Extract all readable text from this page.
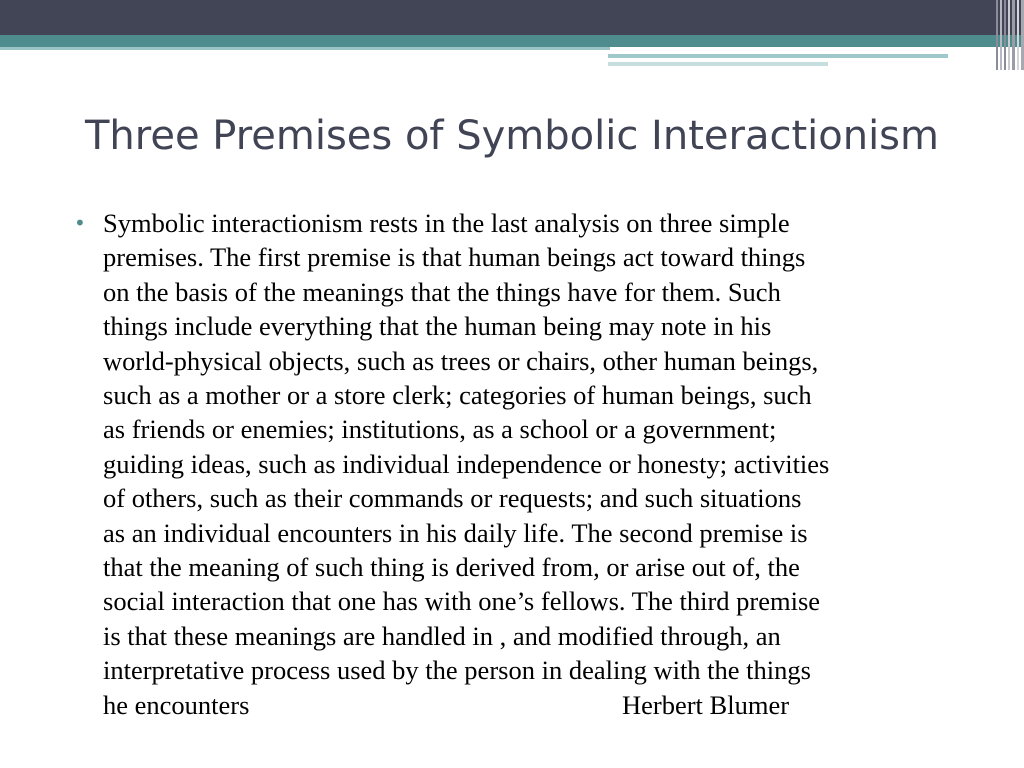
Three Premises of Symbolic Interactionism
• Symbolic interactionism rests in the last analysis on three simple
premises. The first premise is that human beings act toward things
on the basis of the meanings that the things have for them. Such
things include everything that the human being may note in his
world-physical objects, such as trees or chairs, other human beings,
such as a mother or a store clerk; categories of human beings, such
as friends or enemies; institutions, as a school or a government;
guiding ideas, such as individual independence or honesty; activities
of others, such as their commands or requests; and such situations
as an individual encounters in his daily life. The second premise is
that the meaning of such thing is derived from, or arise out of, the
social interaction that one has with one’s fellows. The third premise
is that these meanings are handled in , and modified through, an
interpretative process used by the person in dealing with the things

he encounters	Herbert Blumer
